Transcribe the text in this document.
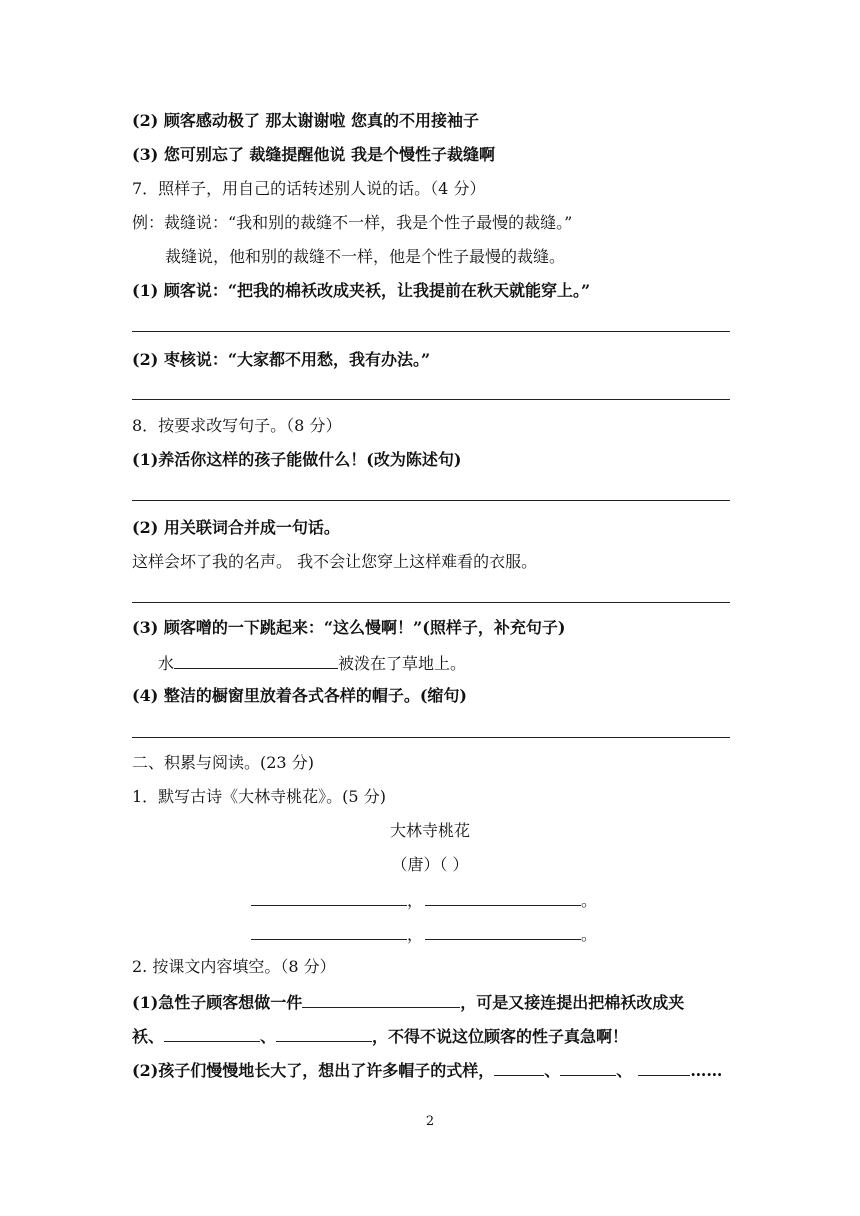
(2) 顾客感动极了 那太谢谢啦 您真的不用接袖子
(3) 您可别忘了 裁缝提醒他说 我是个慢性子裁缝啊
7．照样子，用自己的话转述别人说的话。（4 分）
例：裁缝说：“我和别的裁缝不一样，我是个性子最慢的裁缝。”
裁缝说，他和别的裁缝不一样，他是个性子最慢的裁缝。
(1) 顾客说：“把我的棉袄改成夹袄，让我提前在秋天就能穿上。”
(2) 枣核说：“大家都不用愁，我有办法。”
8．按要求改写句子。（8 分）
(1)养活你这样的孩子能做什么！(改为陈述句)
(2) 用关联词合并成一句话。
这样会坏了我的名声。 我不会让您穿上这样难看的衣服。
(3) 顾客噌的一下跳起来：“这么慢啊！”(照样子，补充句子)
水	被泼在了草地上。
(4) 整洁的橱窗里放着各式各样的帽子。(缩句)
二、积累与阅读。(23 分)
1．默写古诗《大林寺桃花》。(5 分)
大林寺桃花
（唐）（ ）
，	。
，	。
2. 按课文内容填空。（8 分）
(1)急性子顾客想做一件	，可是又接连提出把棉袄改成夹
袄、	、	，不得不说这位顾客的性子真急啊！
(2)孩子们慢慢地长大了，想出了许多帽子的式样，	、	、	……
2
